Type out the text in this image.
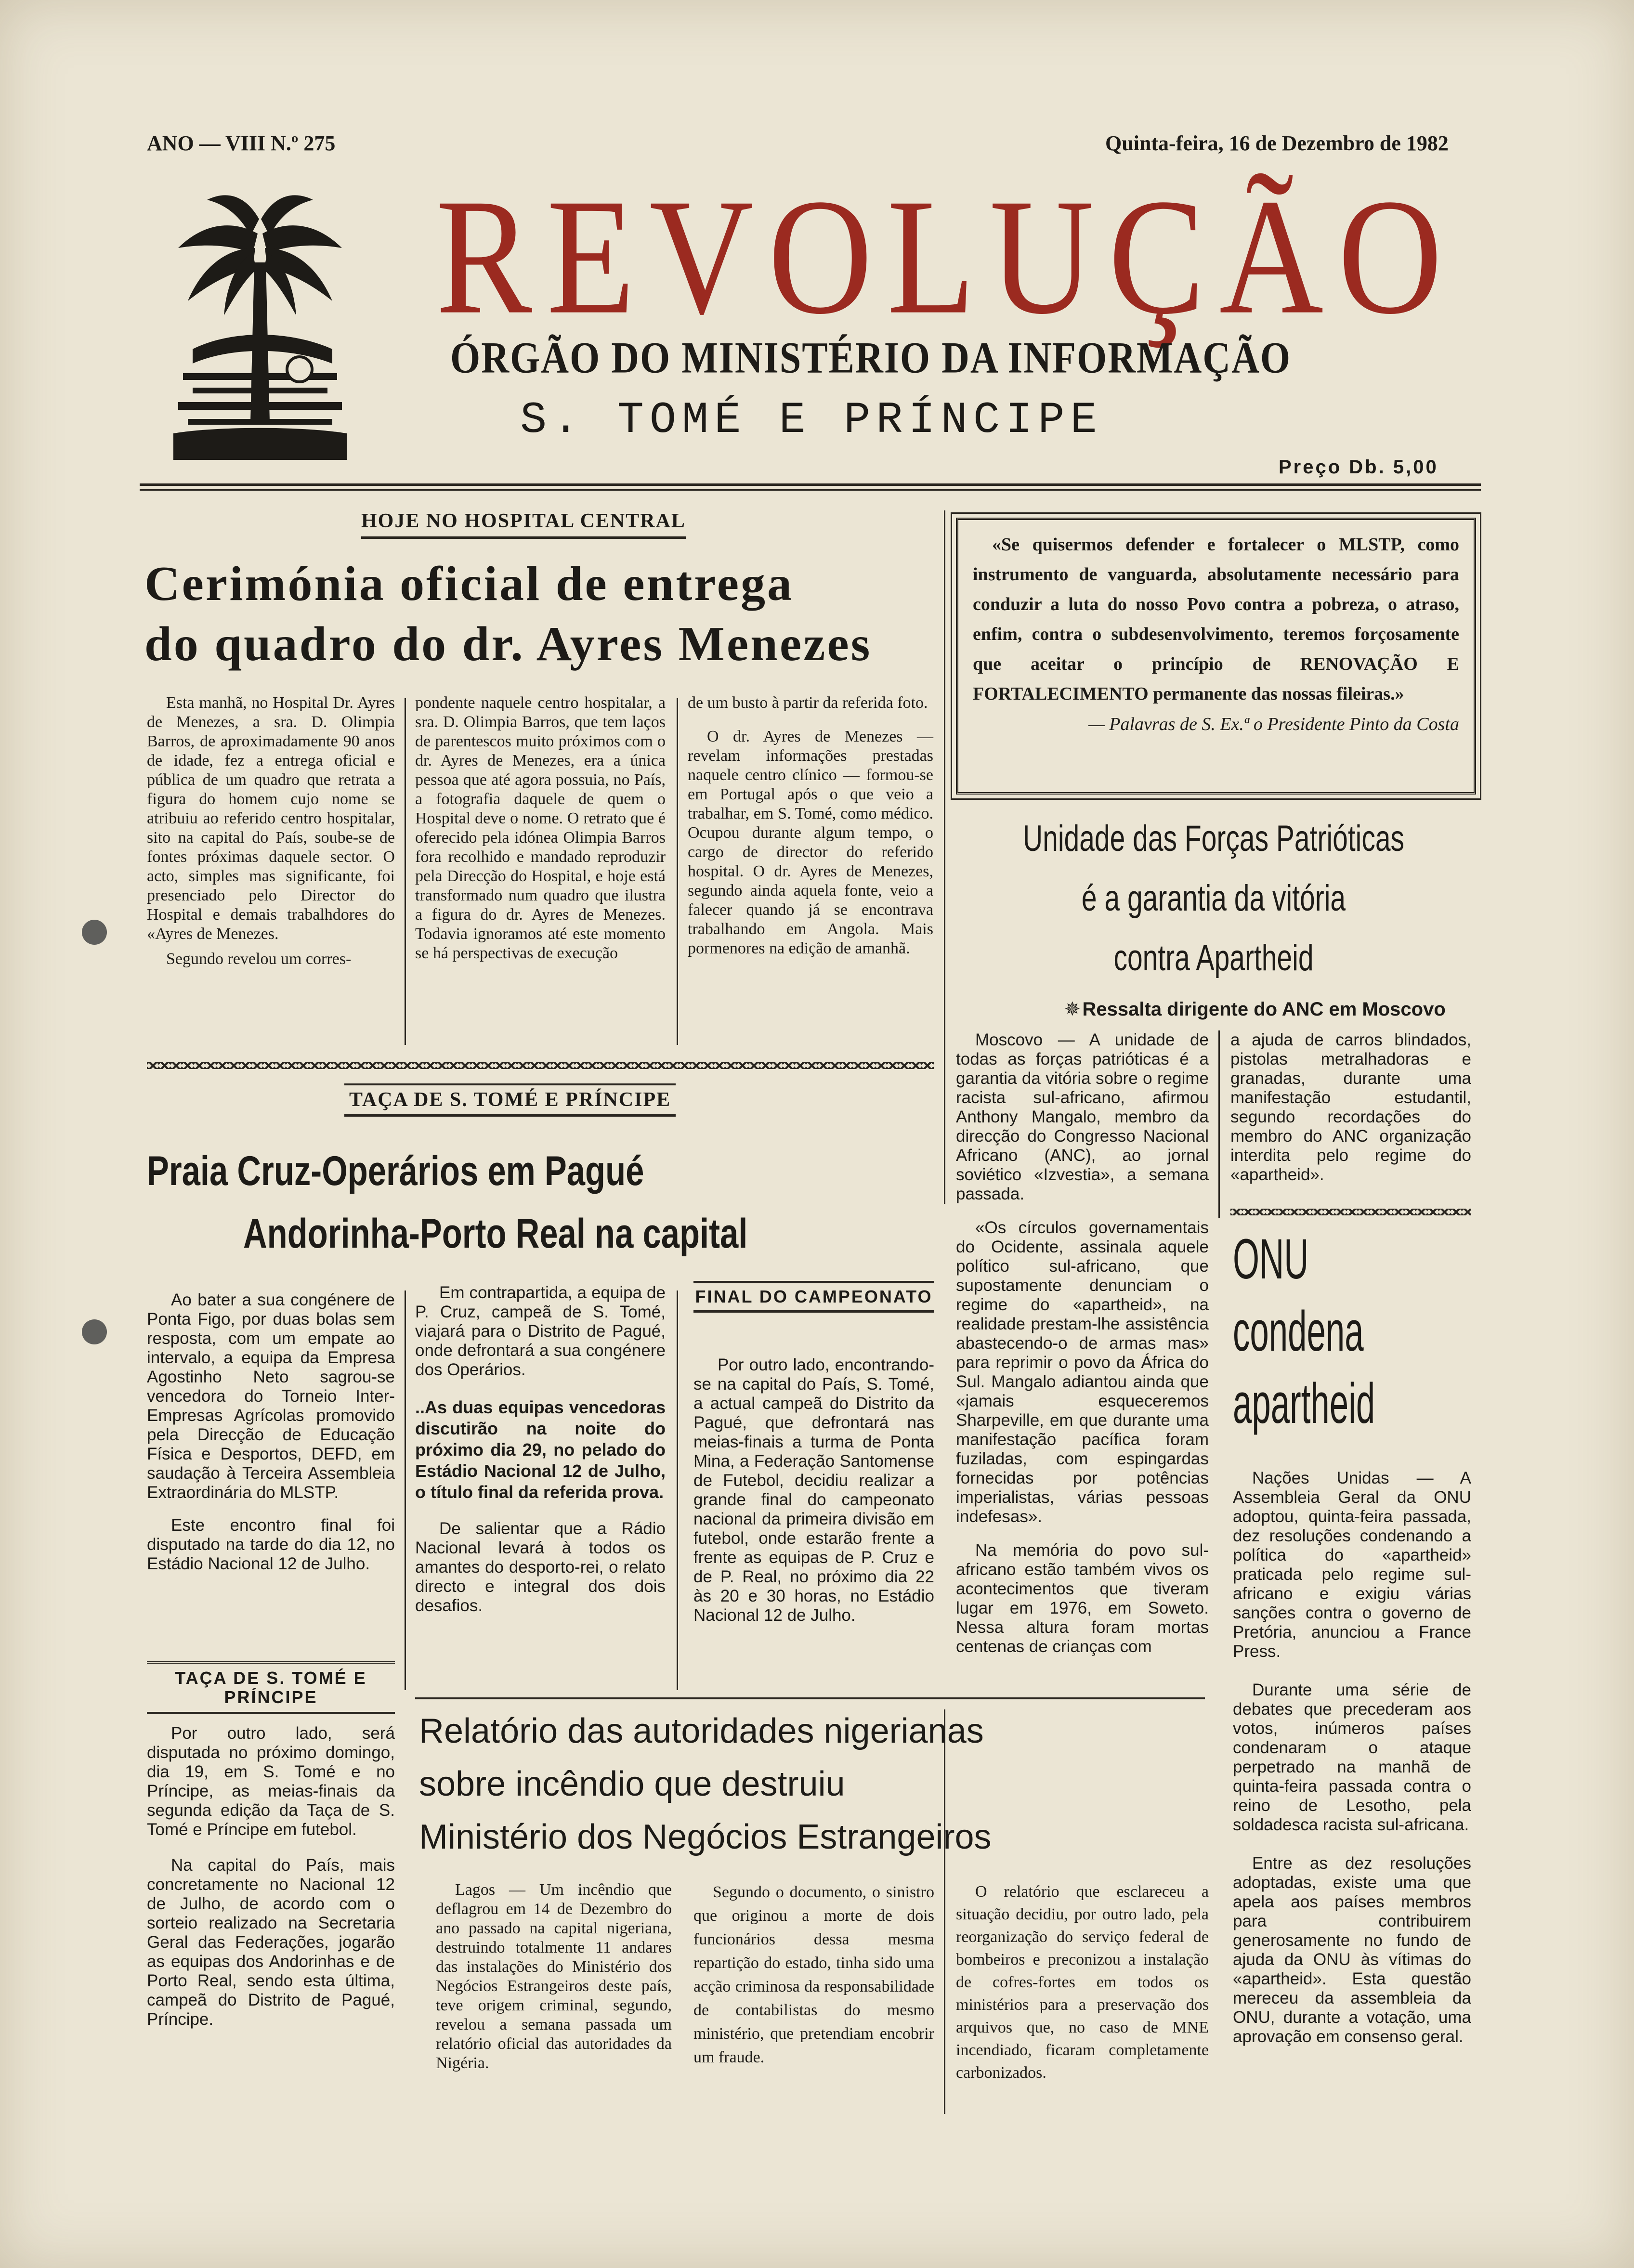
ANO — VIII N.º 275	Quinta-feira, 16 de Dezembro de 1982
REVOLUÇÃO
ÓRGÃO DO MINISTÉRIO DA INFORMAÇÃO
S. TOMÉ E PRÍNCIPE
Preço Db. 5,00
HOJE NO HOSPITAL CENTRAL
Cerimónia oficial de entrega
do quadro do dr. Ayres Menezes

Esta manhã, no Hospital Dr. Ayres de Menezes, a sra. D. Olimpia Barros, de aproximadamente 90 anos de idade, fez a entrega oficial e pública de um quadro que retrata a figura do homem cujo nome se atribuiu ao referido centro hospitalar, sito na capital do País, soube-se de fontes próximas daquele sector. O acto, simples mas significante, foi presenciado pelo Director do Hospital e demais trabalhdores do «Ayres de Menezes.

Segundo revelou um corres-

pondente naquele centro hospitalar, a sra. D. Olimpia Barros, que tem laços de parentescos muito próximos com o dr. Ayres de Menezes, era a única pessoa que até agora possuia, no País, a fotografia daquele de quem o Hospital deve o nome. O retrato que é oferecido pela idónea Olimpia Barros fora recolhido e mandado reproduzir pela Direcção do Hospital, e hoje está transformado num quadro que ilustra a figura do dr. Ayres de Menezes. Todavia ignoramos até este momento se há perspectivas de execução

de um busto à partir da referida foto.

O dr. Ayres de Menezes — revelam informações prestadas naquele centro clínico — formou-se em Portugal após o que veio a trabalhar, em S. Tomé, como médico. Ocupou durante algum tempo, o cargo de director do referido hospital. O dr. Ayres de Menezes, segundo ainda aquela fonte, veio a falecer quando já se encontrava trabalhando em Angola. Mais pormenores na edição de amanhã.

«Se quisermos defender e fortalecer o MLSTP, como instrumento de vanguarda, absolutamente necessário para conduzir a luta do nosso Povo contra a pobreza, o atraso, enfim, contra o subdesenvolvimento, teremos forçosamente que aceitar o princípio de RENOVAÇÃO E FORTALECIMENTO permanente das nossas fileiras.»

— Palavras de S. Ex.ª o Presidente Pinto da Costa
Unidade das Forças Patrióticas
é a garantia da vitória
contra Apartheid
✵ Ressalta dirigente do ANC em Moscovo

Moscovo — A unidade de todas as forças patrióticas é a garantia da vitória sobre o regime racista sul-africano, afirmou Anthony Mangalo, membro da direcção do Congresso Nacional Africano (ANC), ao jornal soviético «Izvestia», a semana passada.

«Os círculos governamentais do Ocidente, assinala aquele político sul-africano, que supostamente denunciam o regime do «apartheid», na realidade prestam-lhe assistência abastecendo-o de armas mas» para reprimir o povo da África do Sul. Mangalo adiantou ainda que «jamais esqueceremos Sharpeville, em que durante uma manifestação pacífica foram fuziladas, com espingardas fornecidas por potências imperialistas, várias pessoas indefesas».

Na memória do povo sul-africano estão também vivos os acontecimentos que tiveram lugar em 1976, em Soweto. Nessa altura foram mortas centenas de crianças com

a ajuda de carros blindados, pistolas metralhadoras e granadas, durante uma manifestação estudantil, segundo recordações do membro do ANC organização interdita pelo regime do «apartheid».

ONU
condena
apartheid

Nações Unidas — A Assembleia Geral da ONU adoptou, quinta-feira passada, dez resoluções condenando a política do «apartheid» praticada pelo regime sul-africano e exigiu várias sanções contra o governo de Pretória, anunciou a France Press.

Durante uma série de debates que precederam aos votos, inúmeros países condenaram o ataque perpetrado na manhã de quinta-feira passada contra o reino de Lesotho, pela soldadesca racista sul-africana.

Entre as dez resoluções adoptadas, existe uma que apela aos países membros para contribuirem generosamente no fundo de ajuda da ONU às vítimas do «apartheid». Esta questão mereceu da assembleia da ONU, durante a votação, uma aprovação em consenso geral.

TAÇA DE S. TOMÉ E PRÍNCIPE
Praia Cruz-Operários em Pagué
Andorinha-Porto Real na capital

Ao bater a sua congénere de Ponta Figo, por duas bolas sem resposta, com um empate ao intervalo, a equipa da Empresa Agostinho Neto sagrou-se vencedora do Torneio Inter-Empresas Agrícolas promovido pela Direcção de Educação Física e Desportos, DEFD, em saudação à Terceira Assembleia Extraordinária do MLSTP.

Este encontro final foi disputado na tarde do dia 12, no Estádio Nacional 12 de Julho.

TAÇA DE S. TOMÉ E PRÍNCIPE

Por outro lado, será disputada no próximo domingo, dia 19, em S. Tomé e no Príncipe, as meias-finais da segunda edição da Taça de S. Tomé e Príncipe em futebol.

Na capital do País, mais concretamente no Nacional 12 de Julho, de acordo com o sorteio realizado na Secretaria Geral das Federações, jogarão as equipas dos Andorinhas e de Porto Real, sendo esta última, campeã do Distrito de Pagué, Príncipe.

Em contrapartida, a equipa de P. Cruz, campeã de S. Tomé, viajará para o Distrito de Pagué, onde defrontará a sua congénere dos Operários.

..As duas equipas vencedoras discutirão na noite do próximo dia 29, no pelado do Estádio Nacional 12 de Julho, o título final da referida prova.

De salientar que a Rádio Nacional levará à todos os amantes do desporto-rei, o relato directo e integral dos dois desafios.

FINAL DO CAMPEONATO

Por outro lado, encontrando-se na capital do País, S. Tomé, a actual campeã do Distrito da Pagué, que defrontará nas meias-finais a turma de Ponta Mina, a Federação Santomense de Futebol, decidiu realizar a grande final do campeonato nacional da primeira divisão em futebol, onde estarão frente a frente as equipas de P. Cruz e de P. Real, no próximo dia 22 às 20 e 30 horas, no Estádio Nacional 12 de Julho.

Relatório das autoridades nigerianas
sobre incêndio que destruiu
Ministério dos Negócios Estrangeiros

Lagos — Um incêndio que deflagrou em 14 de Dezembro do ano passado na capital nigeriana, destruindo totalmente 11 andares das instalações do Ministério dos Negócios Estrangeiros deste país, teve origem criminal, segundo, revelou a semana passada um relatório oficial das autoridades da Nigéria.

Segundo o documento, o sinistro que originou a morte de dois funcionários dessa mesma repartição do estado, tinha sido uma acção criminosa da responsabilidade de contabilistas do mesmo ministério, que pretendiam encobrir um fraude.

O relatório que esclareceu a situação decidiu, por outro lado, pela reorganização do serviço federal de bombeiros e preconizou a instalação de cofres-fortes em todos os ministérios para a preservação dos arquivos que, no caso de MNE incendiado, ficaram completamente carbonizados.
